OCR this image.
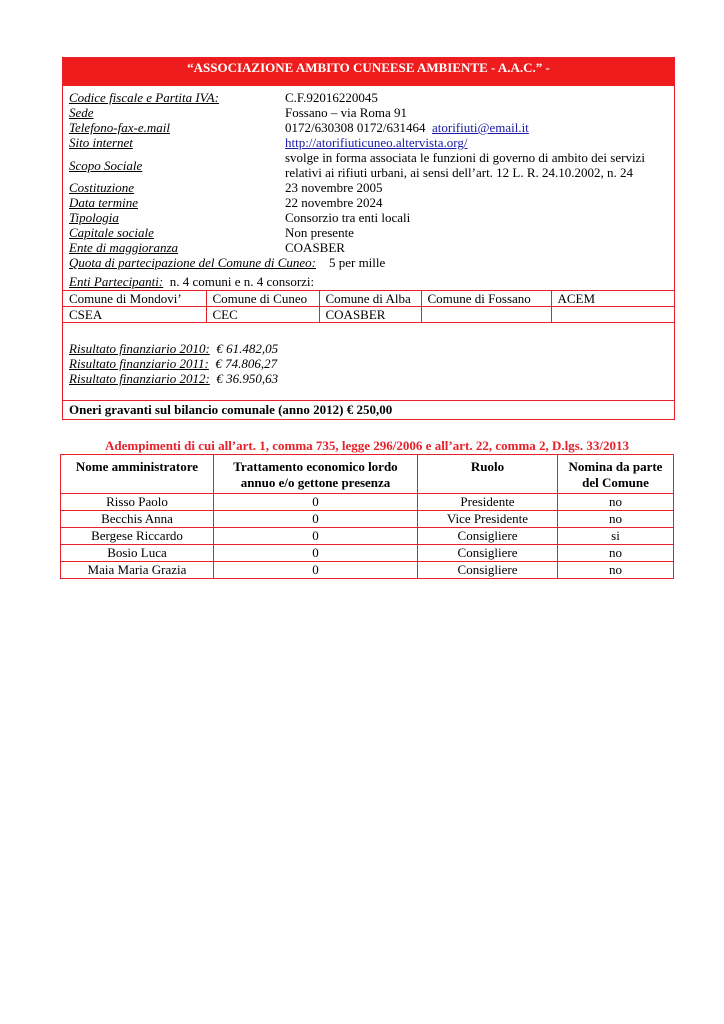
“ASSOCIAZIONE AMBITO CUNEESE AMBIENTE - A.A.C.” -
Codice fiscale e Partita IVA:	C.F.92016220045
Sede	Fossano – via Roma 91
Telefono-fax-e.mail	0172/630308 0172/631464 atorifiuti@email.it
Sito internet	http://atorifiuticuneo.altervista.org/
Scopo Sociale
svolge in forma associata le funzioni di governo di ambito dei servizi relativi ai rifiuti urbani, ai sensi dell’art. 12 L. R. 24.10.2002, n. 24
Costituzione	23 novembre 2005
Data termine	22 novembre 2024
Tipologia	Consorzio tra enti locali
Capitale sociale	Non presente
Ente di maggioranza	COASBER
Quota di partecipazione del Comune di Cuneo: 5 per mille
Enti Partecipanti: n. 4 comuni e n. 4 consorzi:
Comune di Mondovi’	Comune di Cuneo	Comune di Alba	Comune di Fossano	ACEM
CSEA	CEC	COASBER		
Risultato finanziario 2010: € 61.482,05
Risultato finanziario 2011: € 74.806,27
Risultato finanziario 2012: € 36.950,63
Oneri gravanti sul bilancio comunale (anno 2012) € 250,00
Adempimenti di cui all’art. 1, comma 735, legge 296/2006 e all’art. 22, comma 2, D.lgs. 33/2013
Nome amministratore	Trattamento economico lordo annuo e/o gettone presenza	Ruolo	Nomina da parte del Comune
Risso Paolo	0	Presidente	no
Becchis Anna	0	Vice Presidente	no
Bergese Riccardo	0	Consigliere	si
Bosio Luca	0	Consigliere	no
Maia Maria Grazia	0	Consigliere	no
